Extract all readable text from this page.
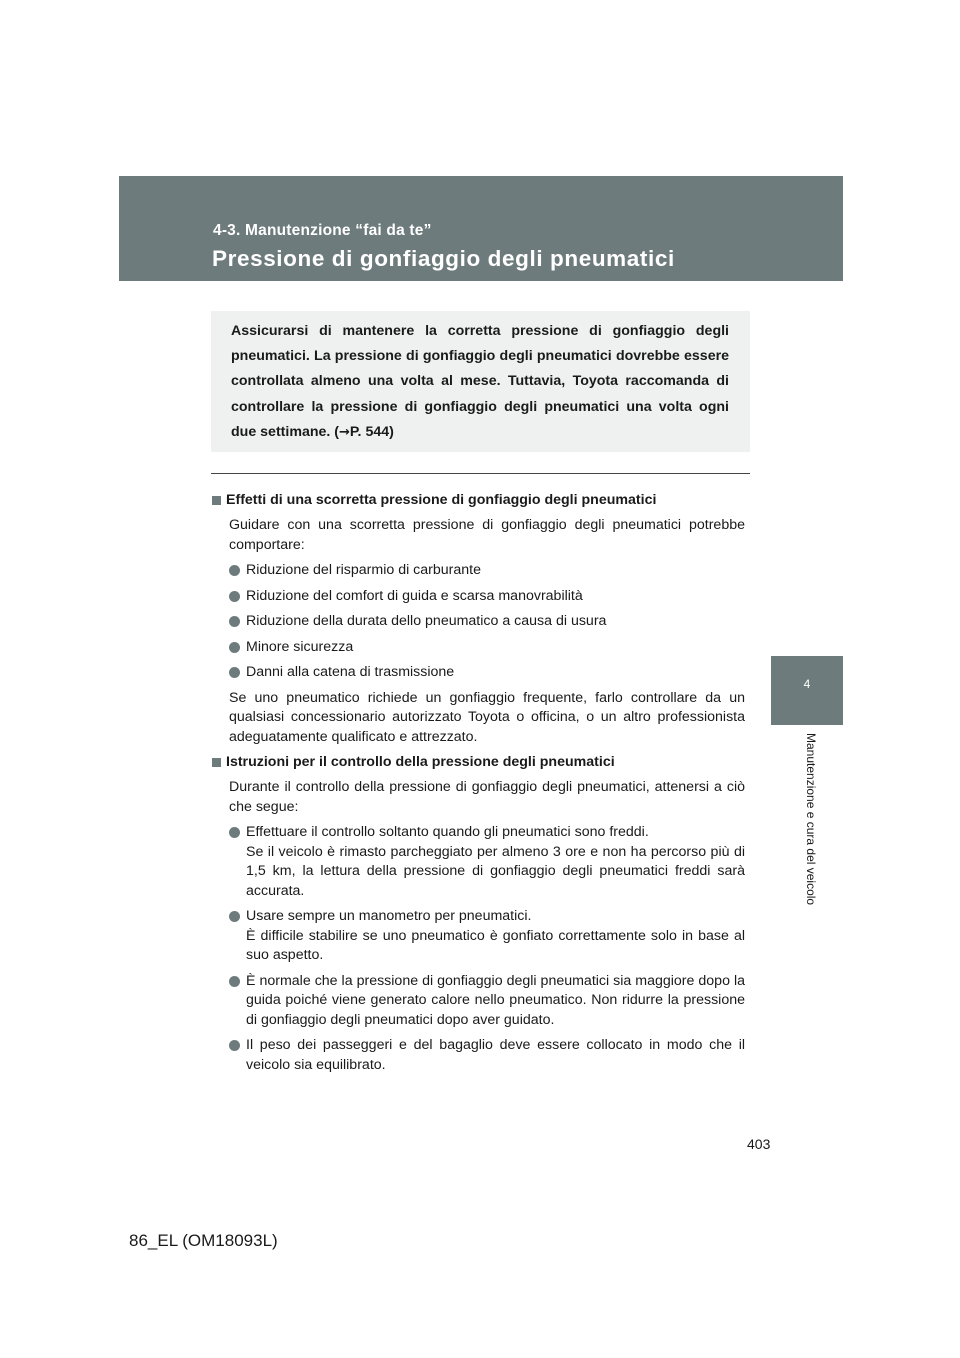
4-3. Manutenzione “fai da te”
Pressione di gonfiaggio degli pneumatici
4
Manutenzione e cura del veicolo

Assicurarsi di mantenere la corretta pressione di gonfiaggio degli pneumatici. La pressione di gonfiaggio degli pneumatici dovrebbe essere controllata almeno una volta al mese. Tuttavia, Toyota raccomanda di controllare la pressione di gonfiaggio degli pneumatici una volta ogni due settimane. (→P. 544)

Effetti di una scorretta pressione di gonfiaggio degli pneumatici
Guidare con una scorretta pressione di gonfiaggio degli pneumatici potrebbe comportare:
Riduzione del risparmio di carburante
Riduzione del comfort di guida e scarsa manovrabilità
Riduzione della durata dello pneumatico a causa di usura
Minore sicurezza
Danni alla catena di trasmissione
Se uno pneumatico richiede un gonfiaggio frequente, farlo controllare da un qualsiasi concessionario autorizzato Toyota o officina, o un altro professionista adeguatamente qualificato e attrezzato.
Istruzioni per il controllo della pressione degli pneumatici
Durante il controllo della pressione di gonfiaggio degli pneumatici, attenersi a ciò che segue:
Effettuare il controllo soltanto quando gli pneumatici sono freddi.
Se il veicolo è rimasto parcheggiato per almeno 3 ore e non ha percorso più di 1,5 km, la lettura della pressione di gonfiaggio degli pneumatici freddi sarà accurata.
Usare sempre un manometro per pneumatici.
È difficile stabilire se uno pneumatico è gonfiato correttamente solo in base al suo aspetto.
È normale che la pressione di gonfiaggio degli pneumatici sia maggiore dopo la guida poiché viene generato calore nello pneumatico. Non ridurre la pressione di gonfiaggio degli pneumatici dopo aver guidato.
Il peso dei passeggeri e del bagaglio deve essere collocato in modo che il veicolo sia equilibrato.
403
86_EL (OM18093L)
